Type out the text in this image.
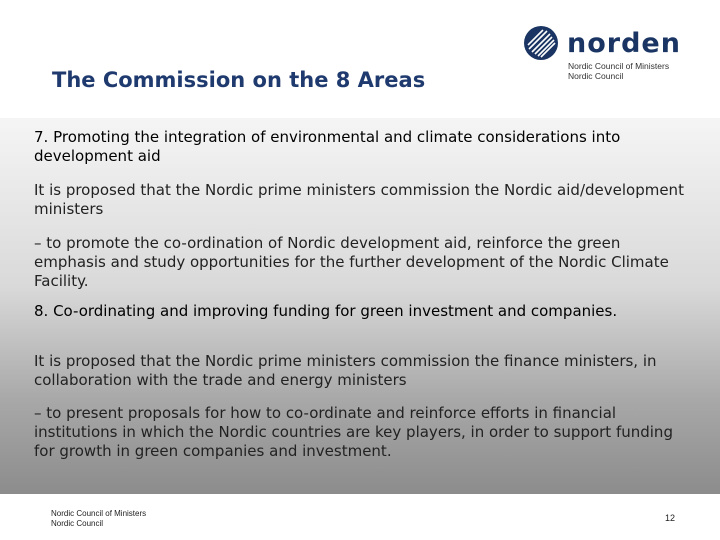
The Commission on the 8 Areas
norden
Nordic Council of Ministers
Nordic Council

7. Promoting the integration of environmental and climate considerations into development aid

It is proposed that the Nordic prime ministers commission the Nordic aid/development ministers

– to promote the co-ordination of Nordic development aid, reinforce the green emphasis and study opportunities for the further development of the Nordic Climate Facility.

8. Co-ordinating and improving funding for green investment and companies.

It is proposed that the Nordic prime ministers commission the finance ministers, in collaboration with the trade and energy ministers

– to present proposals for how to co-ordinate and reinforce efforts in financial institutions in which the Nordic countries are key players, in order to support funding for growth in green companies and investment.

Nordic Council of Ministers
Nordic Council
12
